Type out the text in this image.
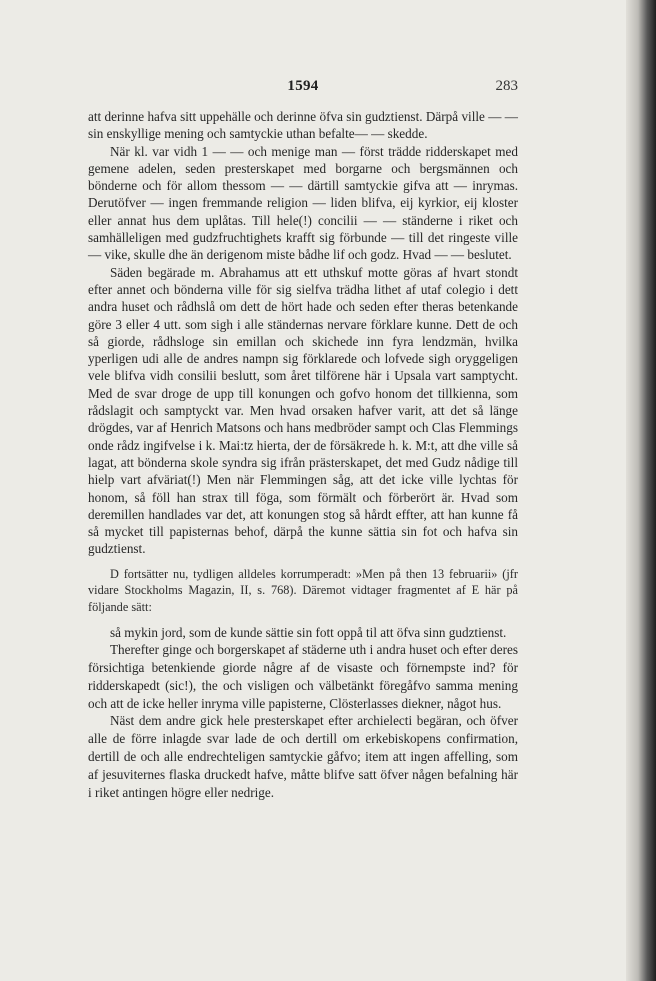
1594	283

att derinne hafva sitt uppehälle och derinne öfva sin gudztienst. Därpå ville — — sin enskyllige mening och samtyckie uthan befalte— — skedde.

När kl. var vidh 1 — — och menige man — först trädde ridderskapet med gemene adelen, seden presterskapet med borgarne och bergsmännen och bönderne och för allom thessom — — därtill samtyckie gifva att — inrymas. Derutöfver — ingen fremmande religion — liden blifva, eij kyrkior, eij kloster eller annat hus dem uplåtas. Till hele(!) concilii — — ständerne i riket och samhälleligen med gudzfruchtighets krafft sig förbunde — till det ringeste ville — vike, skulle dhe än derigenom miste bådhe lif och godz. Hvad — — beslutet.

Säden begärade m. Abrahamus att ett uthskuf motte göras af hvart stondt efter annet och bönderna ville för sig sielfva trädha lithet af utaf colegio i dett andra huset och rådhslå om dett de hört hade och seden efter theras betenkande göre 3 eller 4 utt. som sigh i alle ständernas nervare förklare kunne. Dett de och så giorde, rådhsloge sin emillan och skichede inn fyra lendzmän, hvilka yperligen udi alle de andres nampn sig förklarede och lofvede sigh oryggeligen vele blifva vidh consilii beslutt, som året tilförene här i Upsala vart samptycht. Med de svar droge de upp till konungen och gofvo honom det tillkienna, som rådslagit och samptyckt var. Men hvad orsaken hafver varit, att det så länge drögdes, var af Henrich Matsons och hans medbröder sampt och Clas Flemmings onde rådz ingifvelse i k. Mai:tz hierta, der de försäkrede h. k. M:t, att dhe ville så lagat, att bönderna skole syndra sig ifrån prästerskapet, det med Gudz nådige till hielp vart afväriat(!) Men när Flemmingen såg, att det icke ville lychtas för honom, så föll han strax till föga, som förmält och förberört är. Hvad som deremillen handlades var det, att konungen stog så hårdt effter, att han kunne få så mycket till papisternas behof, därpå the kunne sättia sin fot och hafva sin gudztienst.

D fortsätter nu, tydligen alldeles korrumperadt: »Men på then 13 februarii» (jfr vidare Stockholms Magazin, II, s. 768). Däremot vidtager fragmentet af E här på följande sätt:

så mykin jord, som de kunde sättie sin fott oppå til att öfva sinn gudztienst.

Therefter ginge och borgerskapet af städerne uth i andra huset och efter deres försichtiga betenkiende giorde någre af de visaste och förnempste ind? för ridderskapedt (sic!), the och visligen och välbetänkt föregåfvo samma mening och att de icke heller inryma ville papisterne, Clösterlasses diekner, något hus.

Näst dem andre gick hele presterskapet efter archielecti begäran, och öfver alle de förre inlagde svar lade de och dertill om erkebiskopens confirmation, dertill de och alle endrechteligen samtyckie gåfvo; item att ingen affelling, som af jesuviternes flaska druckedt hafve, måtte blifve satt öfver någen befalning här i riket antingen högre eller nedrige.
